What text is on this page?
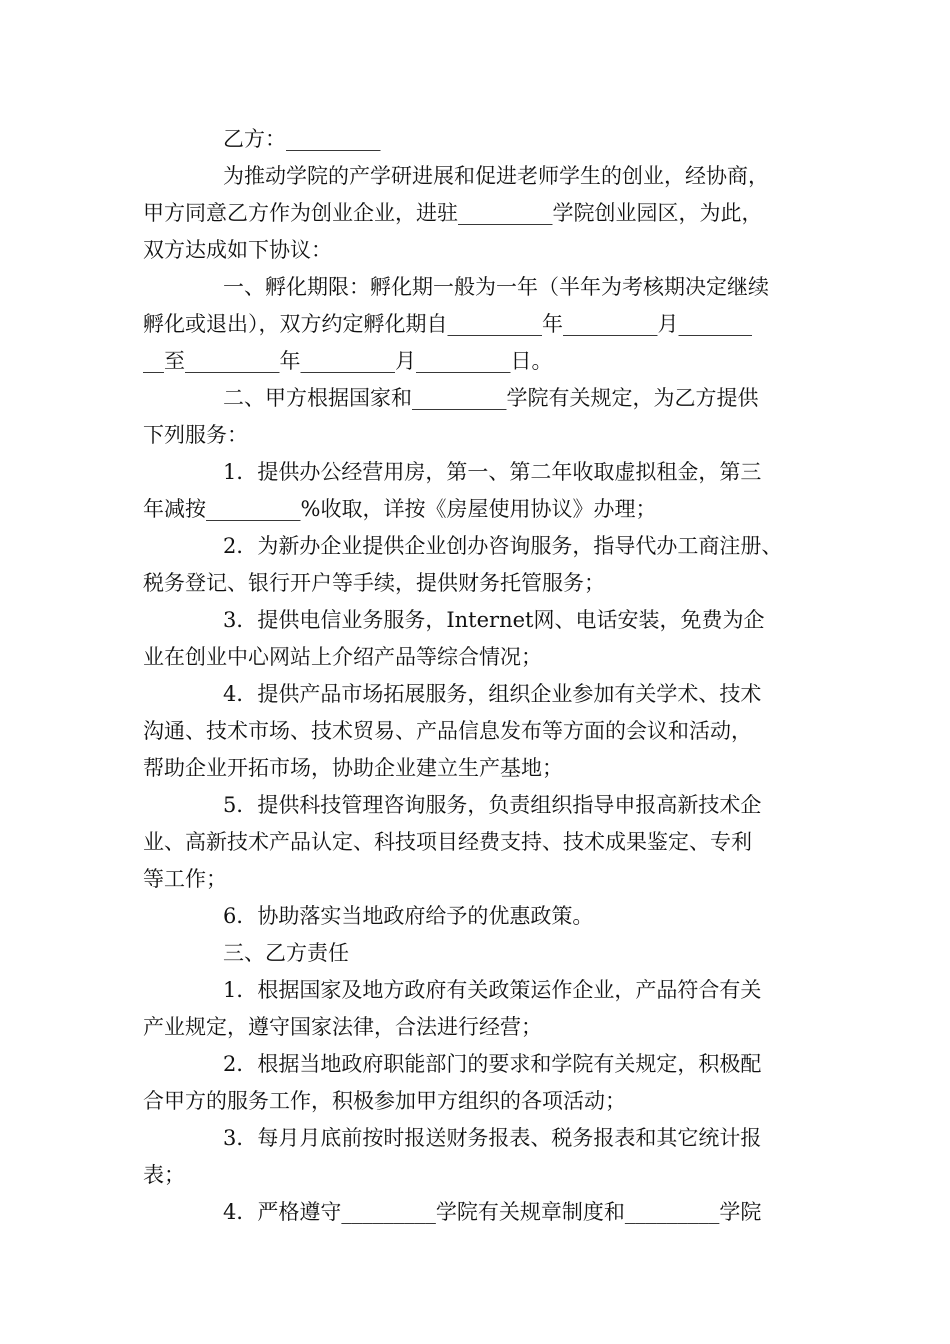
乙方：_________
为推动学院的产学研进展和促进老师学生的创业，经协商，
甲方同意乙方作为创业企业，进驻_________学院创业园区，为此，
双方达成如下协议：
一、孵化期限：孵化期一般为一年（半年为考核期决定继续
孵化或退出），双方约定孵化期自_________年_________月_______
__至_________年_________月_________日。
二、甲方根据国家和_________学院有关规定，为乙方提供
下列服务：
1．提供办公经营用房，第一、第二年收取虚拟租金，第三
年减按_________%收取，详按《房屋使用协议》办理；
2．为新办企业提供企业创办咨询服务，指导代办工商注册、
税务登记、银行开户等手续，提供财务托管服务；
3．提供电信业务服务，Internet网、电话安装，免费为企
业在创业中心网站上介绍产品等综合情况；
4．提供产品市场拓展服务，组织企业参加有关学术、技术
沟通、技术市场、技术贸易、产品信息发布等方面的会议和活动，
帮助企业开拓市场，协助企业建立生产基地；
5．提供科技管理咨询服务，负责组织指导申报高新技术企
业、高新技术产品认定、科技项目经费支持、技术成果鉴定、专利
等工作；
6．协助落实当地政府给予的优惠政策。
三、乙方责任
1．根据国家及地方政府有关政策运作企业，产品符合有关
产业规定，遵守国家法律，合法进行经营；
2．根据当地政府职能部门的要求和学院有关规定，积极配
合甲方的服务工作，积极参加甲方组织的各项活动；
3．每月月底前按时报送财务报表、税务报表和其它统计报
表；
4．严格遵守_________学院有关规章制度和_________学院
